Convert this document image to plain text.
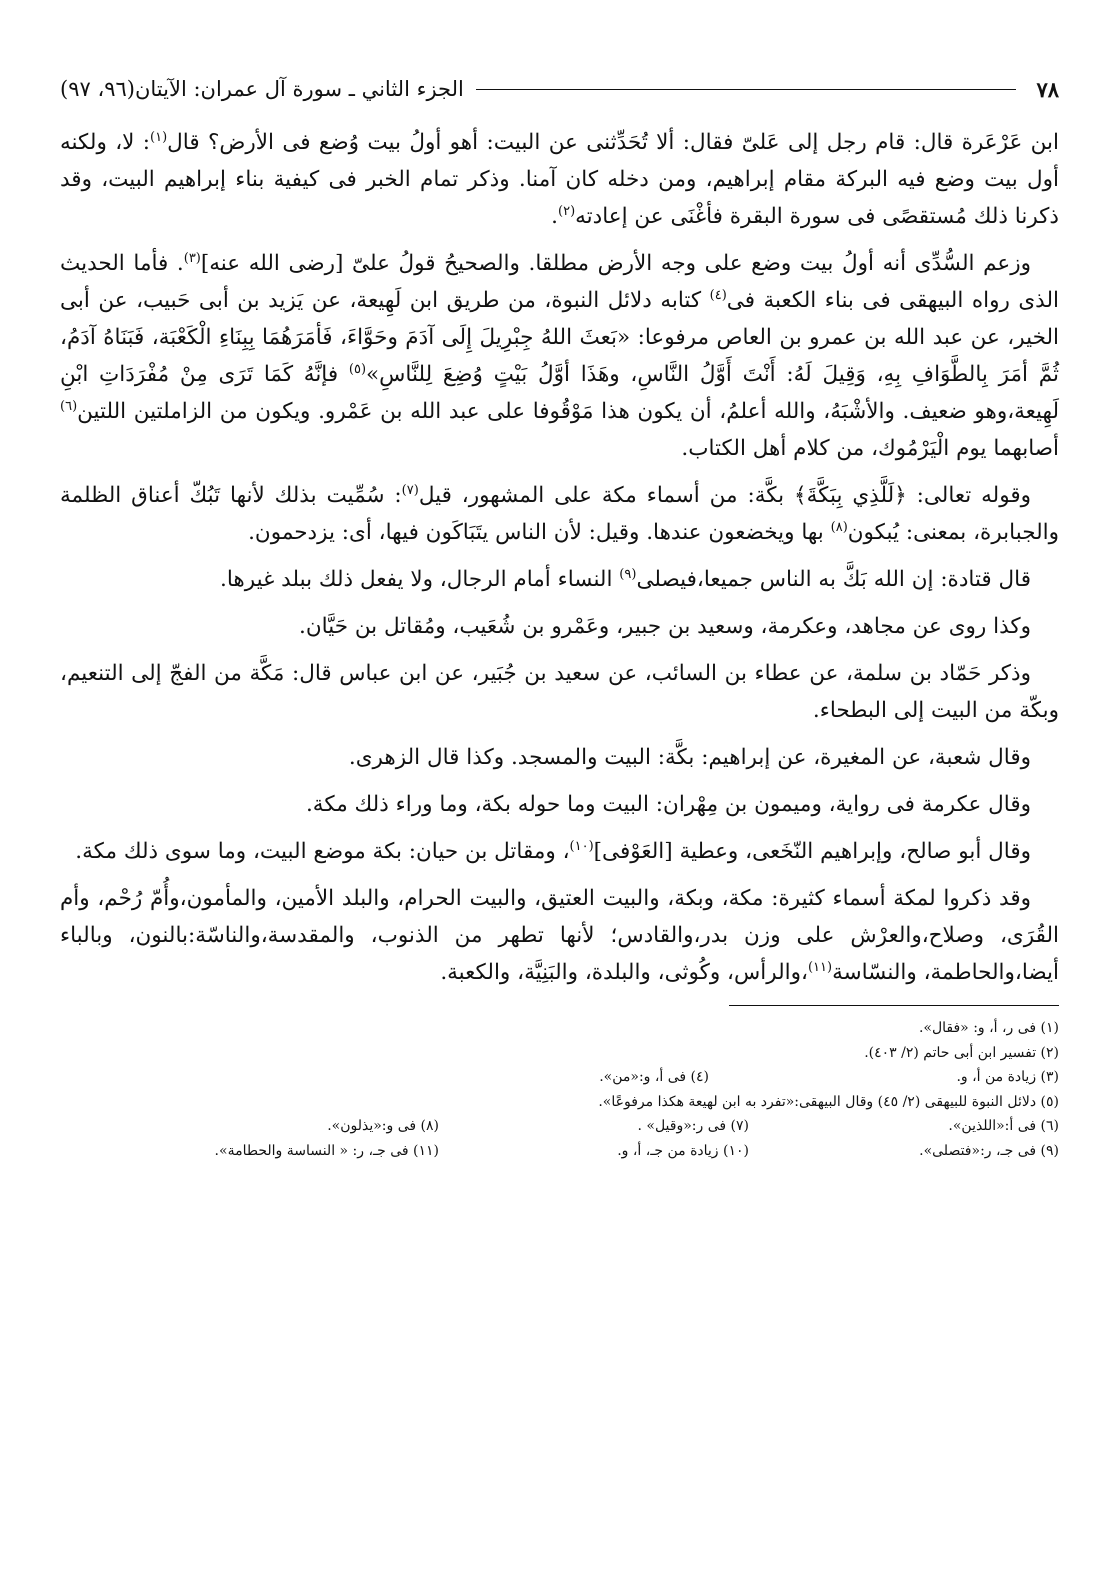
٧٨
الجزء الثاني ـ سورة آل عمران: الآيتان(٩٦، ٩٧)

ابن عَرْعَرة قال: قام رجل إلى عَلىّ فقال: ألا تُحَدِّثنى عن البيت: أهو أولُ بيت وُضع فى الأرض؟ قال$^{(١)}$: لا، ولكنه أول بيت وضع فيه البركة مقام إبراهيم، ومن دخله كان آمنا. وذكر تمام الخبر فى كيفية بناء إبراهيم البيت، وقد ذكرنا ذلك مُستقصًى فى سورة البقرة فأغْنَى عن إعادته$^{(٢)}$.

وزعم السُّدِّى أنه أولُ بيت وضع على وجه الأرض مطلقا. والصحيحُ قولُ علىّ [رضى الله عنه]$^{(٣)}$. فأما الحديث الذى رواه البيهقى فى بناء الكعبة فى$^{(٤)}$ كتابه دلائل النبوة، من طريق ابن لَهِيعة، عن يَزيد بن أبى حَبيب، عن أبى الخير، عن عبد الله بن عمرو بن العاص مرفوعا: «بَعثَ اللهُ جِبْرِيلَ إِلَى آدَمَ وحَوَّاءَ، فَأمَرَهُمَا بِبِنَاءِ الْكَعْبَة، فَبَنَاهُ آدَمُ، ثُمَّ أمَرَ بِالطَّوَافِ بِهِ، وَقِيلَ لَهُ: أَنْتَ أَوَّلُ النَّاسِ، وهَذَا أوَّلُ بَيْتٍ وُضِعَ لِلنَّاسِ»$^{(٥)}$ فإنَّهُ كَمَا تَرَى مِنْ مُفْرَدَاتِ ابْنِ لَهِيعة،وهو ضعيف. والأشْبَهُ، والله أعلمُ، أن يكون هذا مَوْقُوفا على عبد الله بن عَمْرو. ويكون من الزاملتين اللتين$^{(٦)}$ أصابهما يوم الْيَرْمُوك، من كلام أهل الكتاب.

وقوله تعالى: ﴿لَلَّذِي بِبَكَّةَ﴾ بكَّة: من أسماء مكة على المشهور، قيل$^{(٧)}$: سُمِّيت بذلك لأنها تَبُكّ أعناق الظلمة والجبابرة، بمعنى: يُبكون$^{(٨)}$ بها ويخضعون عندها. وقيل: لأن الناس يتَبَاكَون فيها، أى: يزدحمون.

قال قتادة: إن الله بَكَّ به الناس جميعا،فيصلى$^{(٩)}$ النساء أمام الرجال، ولا يفعل ذلك ببلد غيرها.

وكذا روى عن مجاهد، وعكرمة، وسعيد بن جبير، وعَمْرو بن شُعَيب، ومُقاتل بن حَيَّان.

وذكر حَمّاد بن سلمة، عن عطاء بن السائب، عن سعيد بن جُبَير، عن ابن عباس قال: مَكَّة من الفجّ إلى التنعيم، وبكّة من البيت إلى البطحاء.

وقال شعبة، عن المغيرة، عن إبراهيم: بكَّة: البيت والمسجد. وكذا قال الزهرى.

وقال عكرمة فى رواية، وميمون بن مِهْران: البيت وما حوله بكة، وما وراء ذلك مكة.

وقال أبو صالح، وإبراهيم النّخَعى، وعطية [العَوْفى]$^{(١٠)}$، ومقاتل بن حيان: بكة موضع البيت، وما سوى ذلك مكة.

وقد ذكروا لمكة أسماء كثيرة: مكة، وبكة، والبيت العتيق، والبيت الحرام، والبلد الأمين، والمأمون،وأُمّ رُحْم، وأم القُرَى، وصلاح،والعرْش على وزن بدر،والقادس؛ لأنها تطهر من الذنوب، والمقدسة،والناسّة:بالنون، وبالباء أيضا،والحاطمة، والنسّاسة$^{(١١)}$،والرأس، وكُوثى، والبلدة، والبَنِيَّة، والكعبة.

(١) فى ر، أ، و: «فقال».
(٢) تفسير ابن أبى حاتم (٢/ ٤٠٣).
(٣) زيادة من أ، و.
(٤) فى أ، و:«من».
(٥) دلائل النبوة للبيهقى (٢/ ٤٥) وقال البيهقى:«تفرد به ابن لهيعة هكذا مرفوعًا».
(٦) فى أ:«اللذين».
(٧) فى ر:«وقيل» .
(٨) فى و:«يذلون».
(٩) فى جـ، ر:«فتصلى».
(١٠) زيادة من جـ، أ، و.
(١١) فى جـ، ر: « النساسة والحطامة».
